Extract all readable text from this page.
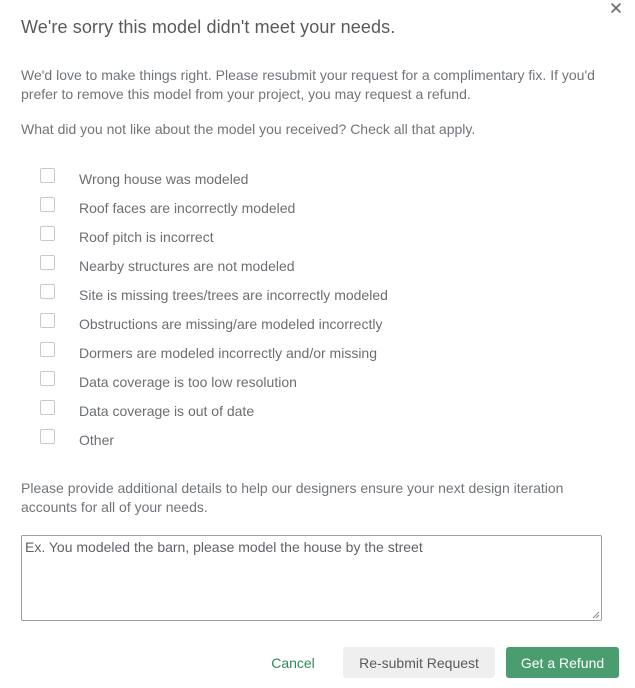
We're sorry this model didn't meet your needs.

We'd love to make things right. Please resubmit your request for a complimentary fix. If you'd prefer to remove this model from your project, you may request a refund.

What did you not like about the model you received? Check all that apply.

Wrong house was modeled
Roof faces are incorrectly modeled
Roof pitch is incorrect
Nearby structures are not modeled
Site is missing trees/trees are incorrectly modeled
Obstructions are missing/are modeled incorrectly
Dormers are modeled incorrectly and/or missing
Data coverage is too low resolution
Data coverage is out of date
Other

Please provide additional details to help our designers ensure your next design iteration accounts for all of your needs.

Ex. You modeled the barn, please model the house by the street
Cancel	Re-submit Request	Get a Refund
